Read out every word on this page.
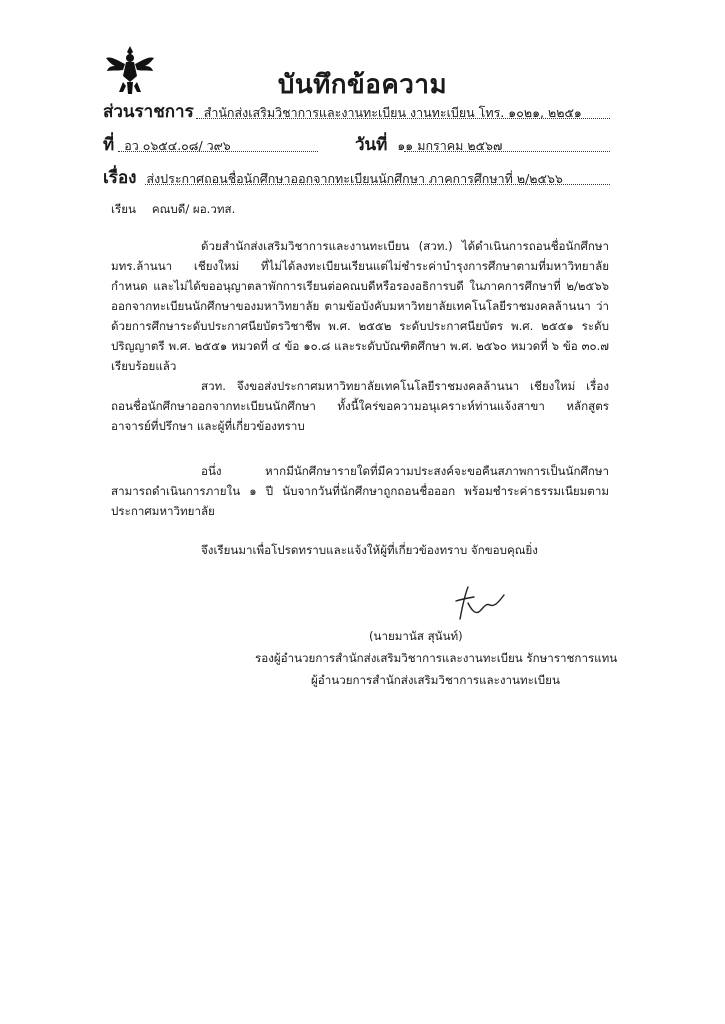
บันทึกข้อความ
ส่วนราชการ สำนักส่งเสริมวิชาการและงานทะเบียน งานทะเบียน โทร. ๑๐๒๑, ๒๒๕๑
ที่ อว ๐๖๕๔.๐๘/ ว๙๖	วันที่ ๑๑ มกราคม ๒๕๖๗
เรื่อง ส่งประกาศถอนชื่อนักศึกษาออกจากทะเบียนนักศึกษา ภาคการศึกษาที่ ๒/๒๕๖๖
เรียน คณบดี/ ผอ.วทส.
ด้วยสำนักส่งเสริมวิชาการและงานทะเบียน (สวท.) ได้ดำเนินการถอนชื่อนักศึกษา มทร.ล้านนา เชียงใหม่ ที่ไม่ได้ลงทะเบียนเรียนแต่ไม่ชำระค่าบำรุงการศึกษาตามที่มหาวิทยาลัยกำหนด และไม่ได้ขออนุญาตลาพักการเรียนต่อคณบดีหรือรองอธิการบดี ในภาคการศึกษาที่ ๒/๒๕๖๖ ออกจากทะเบียนนักศึกษาของมหาวิทยาลัย ตามข้อบังคับมหาวิทยาลัยเทคโนโลยีราชมงคลล้านนา ว่าด้วยการศึกษาระดับประกาศนียบัตรวิชาชีพ พ.ศ. ๒๕๕๒ ระดับประกาศนียบัตร พ.ศ. ๒๕๕๑ ระดับปริญญาตรี พ.ศ. ๒๕๕๑ หมวดที่ ๔ ข้อ ๑๐.๘ และระดับบัณฑิตศึกษา พ.ศ. ๒๕๖๐ หมวดที่ ๖ ข้อ ๓๐.๗ เรียบร้อยแล้ว
สวท. จึงขอส่งประกาศมหาวิทยาลัยเทคโนโลยีราชมงคลล้านนา เชียงใหม่ เรื่อง ถอนชื่อนักศึกษาออกจากทะเบียนนักศึกษา ทั้งนี้ใคร่ขอความอนุเคราะห์ท่านแจ้งสาขา หลักสูตร อาจารย์ที่ปรึกษา และผู้ที่เกี่ยวข้องทราบ
อนึ่ง หากมีนักศึกษารายใดที่มีความประสงค์จะขอคืนสภาพการเป็นนักศึกษา สามารถดำเนินการภายใน ๑ ปี นับจากวันที่นักศึกษาถูกถอนชื่อออก พร้อมชำระค่าธรรมเนียมตามประกาศมหาวิทยาลัย
จึงเรียนมาเพื่อโปรดทราบและแจ้งให้ผู้ที่เกี่ยวข้องทราบ จักขอบคุณยิ่ง
(นายมานัส สุนันท์)
รองผู้อำนวยการสำนักส่งเสริมวิชาการและงานทะเบียน รักษาราชการแทน
ผู้อำนวยการสำนักส่งเสริมวิชาการและงานทะเบียน
